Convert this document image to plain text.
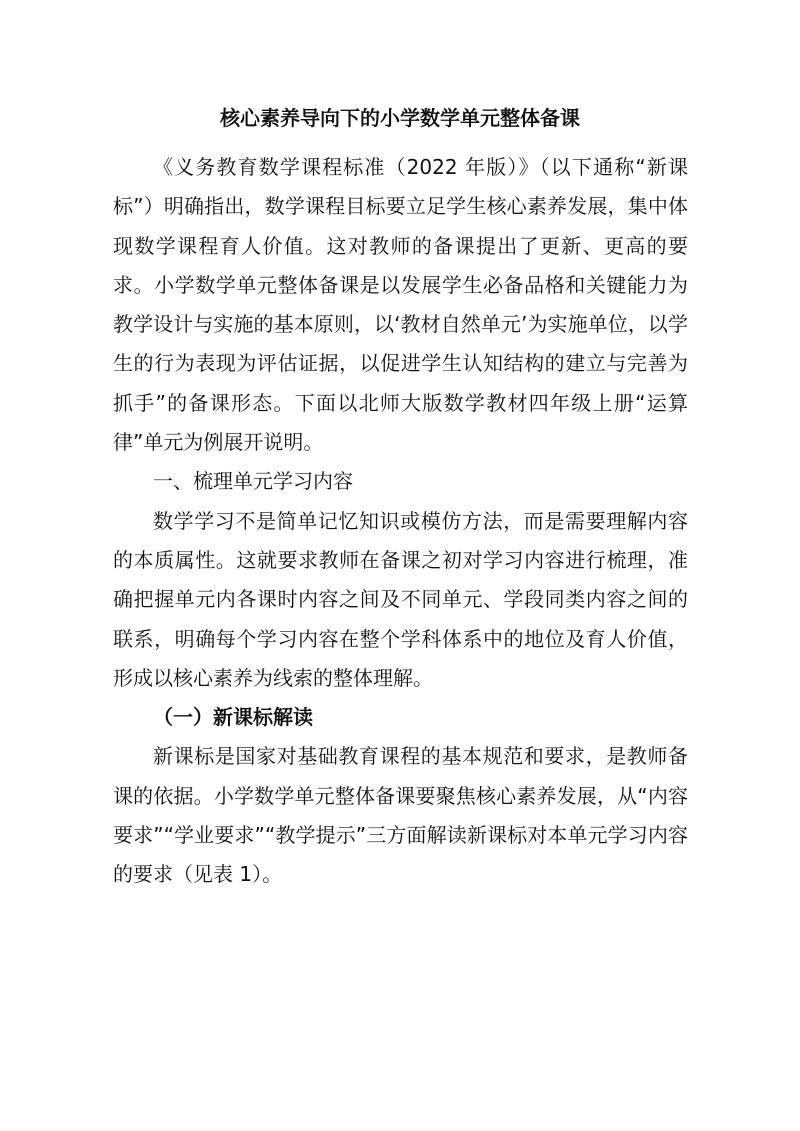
核心素养导向下的小学数学单元整体备课

《义务教育数学课程标准（2022 年版）》（以下通称“新课标”）明确指出，数学课程目标要立足学生核心素养发展，集中体现数学课程育人价值。这对教师的备课提出了更新、更高的要求。小学数学单元整体备课是以发展学生必备品格和关键能力为教学设计与实施的基本原则，以‘教材自然单元’为实施单位，以学生的行为表现为评估证据，以促进学生认知结构的建立与完善为抓手”的备课形态。下面以北师大版数学教材四年级上册“运算律”单元为例展开说明。

一、梳理单元学习内容

数学学习不是简单记忆知识或模仿方法，而是需要理解内容的本质属性。这就要求教师在备课之初对学习内容进行梳理，准确把握单元内各课时内容之间及不同单元、学段同类内容之间的联系，明确每个学习内容在整个学科体系中的地位及育人价值，形成以核心素养为线索的整体理解。

（一）新课标解读

新课标是国家对基础教育课程的基本规范和要求，是教师备课的依据。小学数学单元整体备课要聚焦核心素养发展，从“内容要求”“学业要求”“教学提示”三方面解读新课标对本单元学习内容的要求（见表 1）。
